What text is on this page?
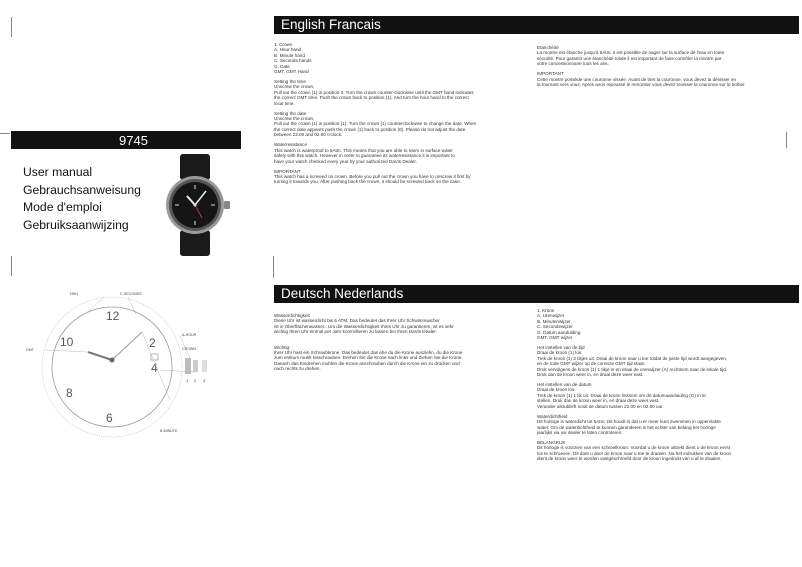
9745
User manual
Gebrauchsanweisung
Mode d'emploi
Gebruiksaanwijzing
12
2
4
6
8
10
HHH	C-SECONDS
GMT
A-HOUR
B-MINUTE
CROWN
1 2 3
English Francais
Deutsch Nederlands

1. Crown
A. Hour hand
B. Minute hand
C. Seconds hands
G. Date
GMT. GMT Hand

Setting the time
Unscrew the crown,
Pull out the crown (1) in position 3. Turn the crown counter-clockwise until the GMT hand indicates
the correct GMT time. Push the crown back to position (1). And turn the hour hand to the correct local time.

Setting the date
Unscrew the crown,
Pull out the crown (1) in position (1). Turn the crown (1) counterclockwise to change the date. When
the correct date appears push the crown (1) back to position (0). Please do not adjust the date between 22.00 and 02.00 o'clock.

Waterresistance
This watch is waterproof to 5Atm. This means that you are able to swim in surface water
safely with this watch. However in order to guarantee its waterresistance it is important to
have your watch checked every year by your authorized DaVis Dealer.

IMPORTANT
This watch has a screwed on crown. Before you pull out the crown you have to unscrew it first by
turning it towards you. After pushing back the crown, it should be screwed back on the case.

Etanchéité
La montre est étanche jusqu'à 5Atm. Il est possible de nager sur la surface de l'eau en toute
sécurité. Pour garantir une étanchéité totale il est important de faire contrôler la montre par
votre concessionnaire tous les ans.

IMPORTANT
Cette montre possède une couronne vissée. Avant de tirer la couronne, vous devez la dévisser en
la tournant vers vous. Après avoir repoussé le remontoir vous devez revisser la couronne sur le boîtier.

Wasserdichtigkeit
Diese Uhr ist wasserdicht bis 5 ATM. Das bedeutet das Ihrer Uhr Schwimmwicher
ist in Oberflächenwasser.. Um die Wasserdichtigkeit Ihres Uhr zu garantieren, ist es sehr
wichtig Ihren Uhr einmal per Jahr kontrollieren zu lassen bei Ihren DaVis Dealer.

Wichtig:
Ihrer Uhr hast ein Schraubkrone. Das bedeutet das ehe du die Krone ausziehn, du die Krone
zum entkum muhlt losschrauben. Drehen Sie die Krone nach links und Ziehen Sie die Krone.
Danach das Eindrehen muhlen die Krone anschrauben durch die Krone ein zu drücken und
nach rechts zu drehen.

1. Kroon
A. Urenwijzer
B. Minutenwijzer
C. Secondewijzer
G. Datum aanduiding
GMT. GMT wijzer

Het instellen van de tijd
Draai de kroon (1) los.
Trek de kroon (1) 2 tikjes uit. Draai de kroon naar u toe totdat de juiste tijd wordt aangegeven,
en de rode GMT wijzer op de correcte GMT tijd staat.
Druk vervolgens de kroon (1) 1 tikje in en draai de urenwijzer (A) rechtsom naar de lokale tijd.
Druk dan de kroon weer in, en draai deze weer vast.

Het instellen van de datum
Draai de kroon los.
Trek de kroon (1) 1 tik uit. Draai de kroon linksom om de datumaanduiding (G) in te
stellen. Druk dan de kroon weer in, en draai deze weer vast.
Verander alstublieft nooit de datum tussen 22.00 en 02.00 uur.

Waterdichtheid
Dit horloge is waterdicht tot 5Atm. Dit houdt in dat u er meer kunt zwemmen in oppervlakte
water. Om de waterdichtheid te kunnen garanderen is het echter van belang het horloge
jaarlijks via uw dealer te laten controleren.

BELANGRIJK
Dit horloge is voorzien van een schroefkroon. Voordat u de kroon uittrekt dient u de kroon eerst
los te schroeven. Dit doet u door de kroon naar u toe te draaien. Na het indrukken van de kroon
dient de kroon weer te worden vastgeschroefd door de kroon ingedrukt van u af te draaien.
